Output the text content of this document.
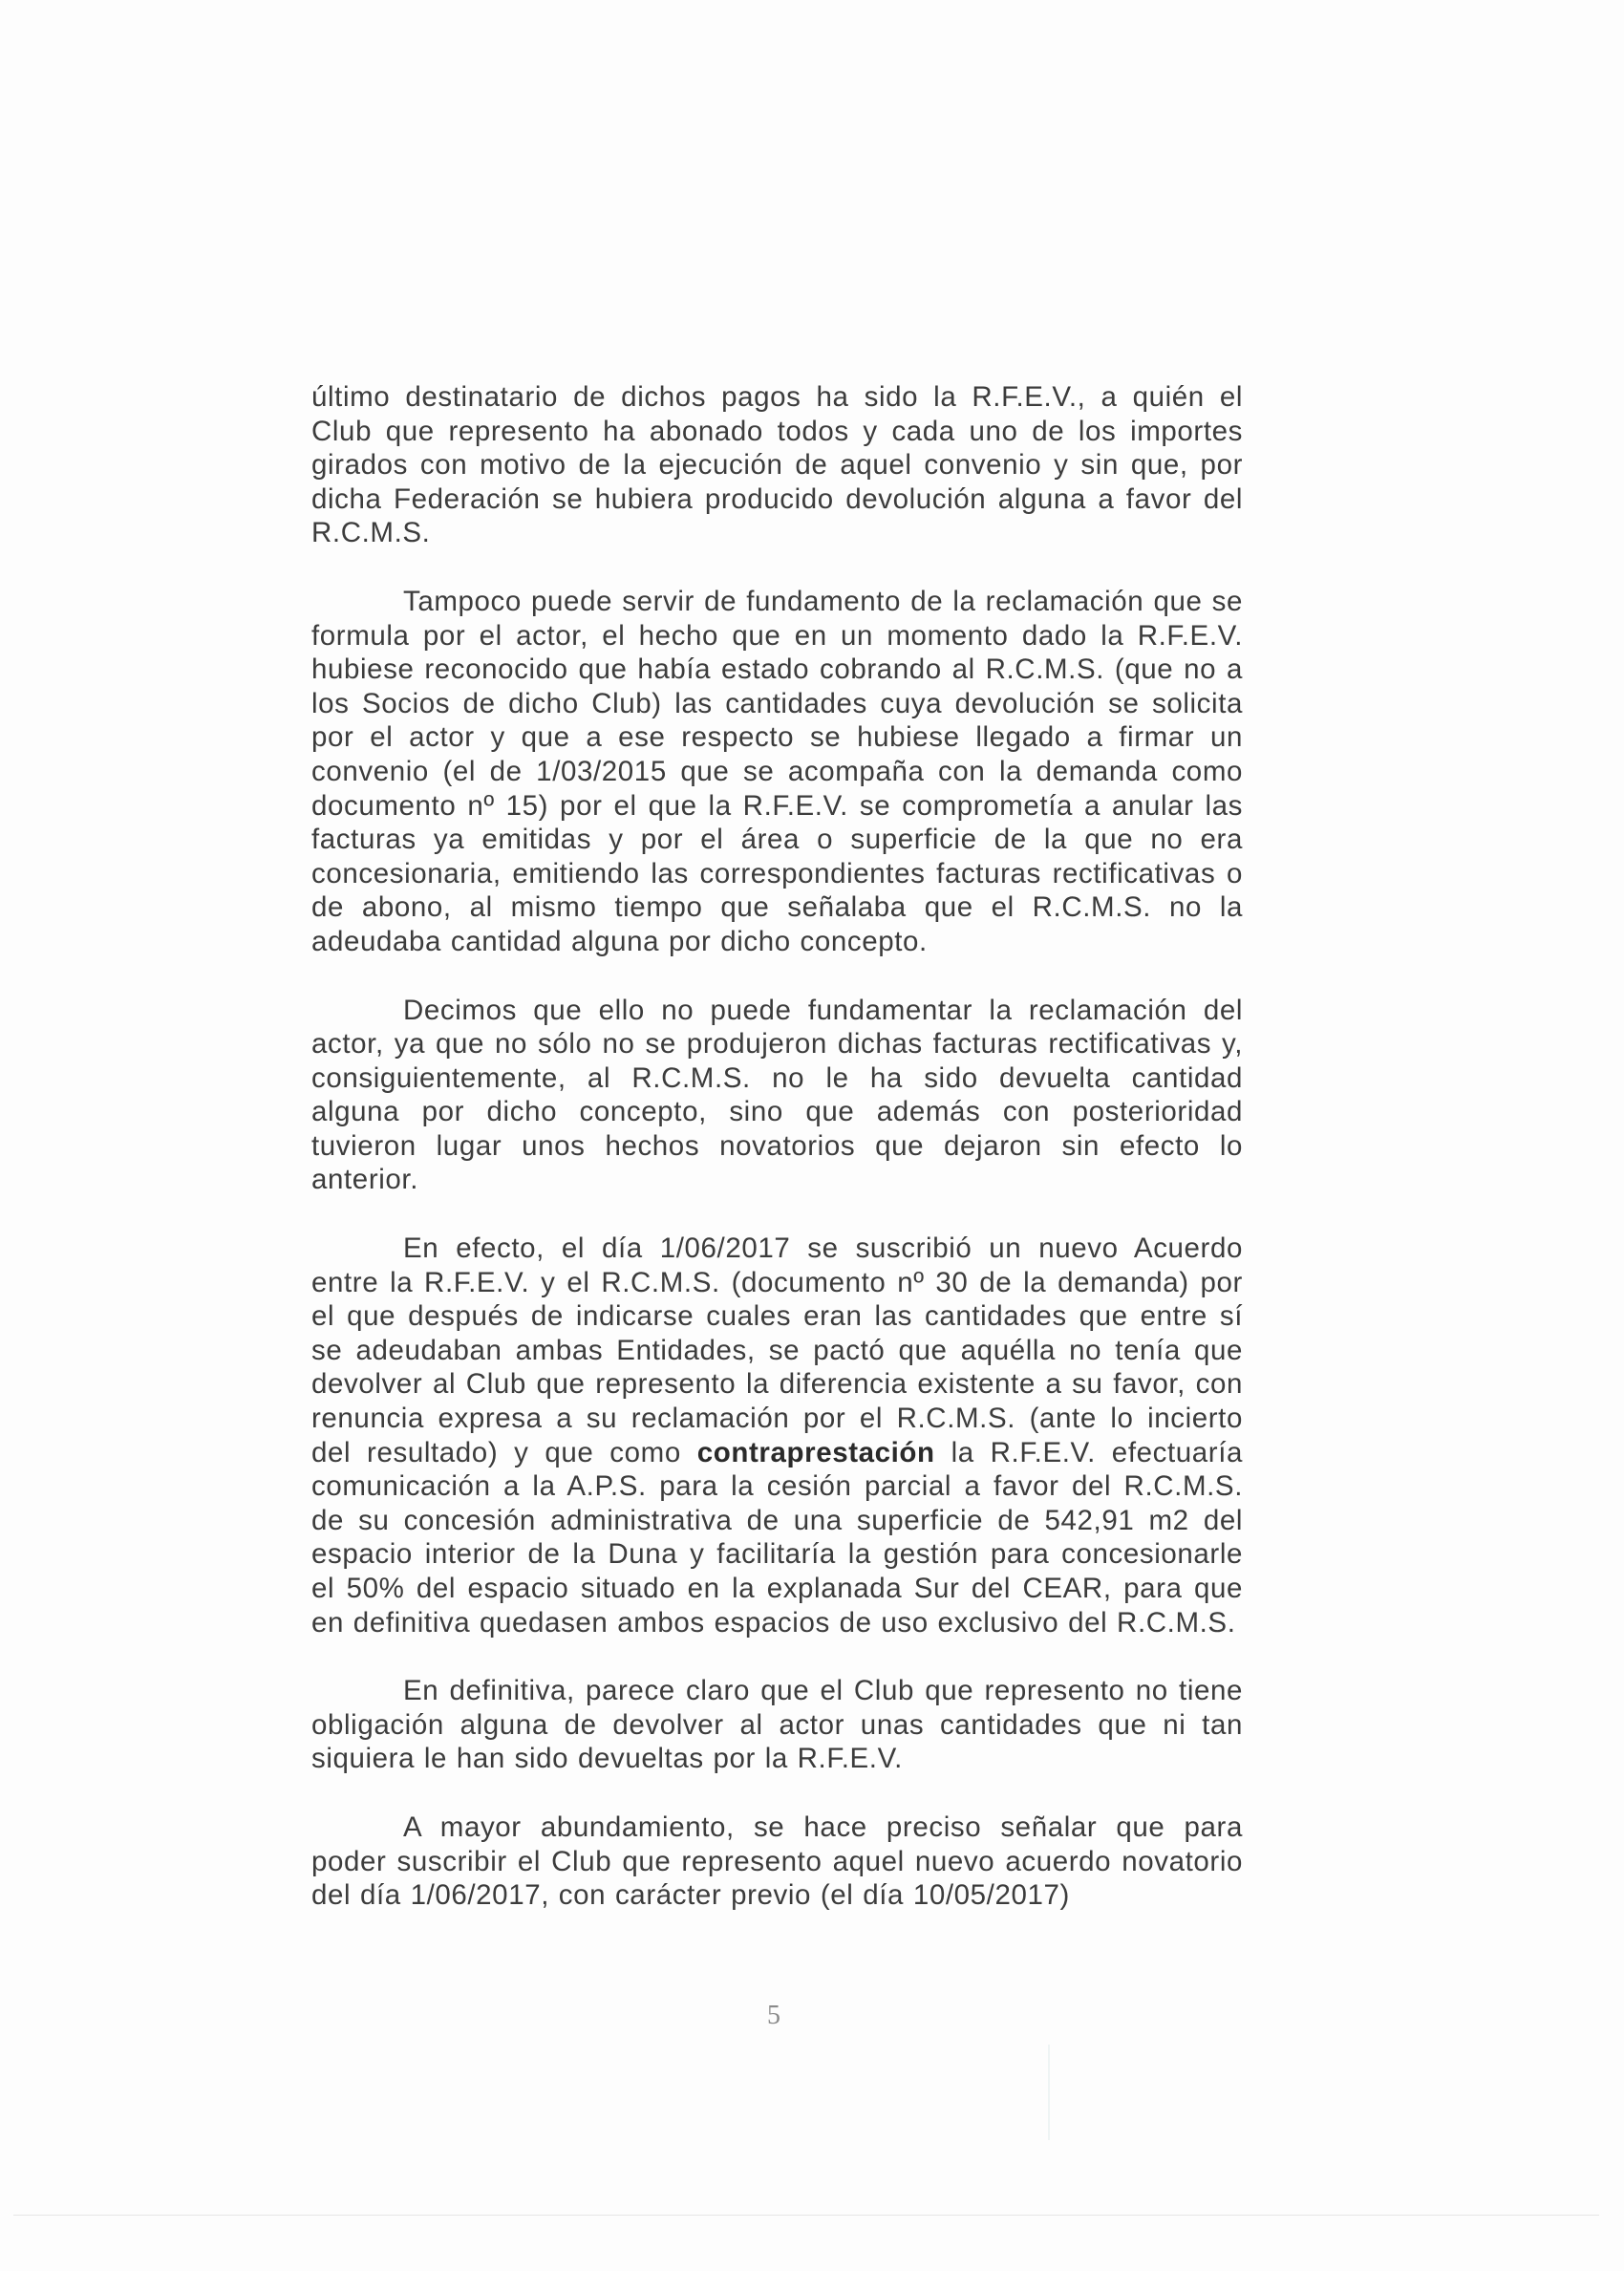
último destinatario de dichos pagos ha sido la R.F.E.V., a quién el Club que represento ha abonado todos y cada uno de los importes girados con motivo de la ejecución de aquel convenio y sin que, por dicha Federación se hubiera producido devolución alguna a favor del R.C.M.S.

Tampoco puede servir de fundamento de la reclamación que se formula por el actor, el hecho que en un momento dado la R.F.E.V. hubiese reconocido que había estado cobrando al R.C.M.S. (que no a los Socios de dicho Club) las cantidades cuya devolución se solicita por el actor y que a ese respecto se hubiese llegado a firmar un convenio (el de 1/03/2015 que se acompaña con la demanda como documento nº 15) por el que la R.F.E.V. se comprometía a anular las facturas ya emitidas y por el área o superficie de la que no era concesionaria, emitiendo las correspondientes facturas rectificativas o de abono, al mismo tiempo que señalaba que el R.C.M.S. no la adeudaba cantidad alguna por dicho concepto.

Decimos que ello no puede fundamentar la reclamación del actor, ya que no sólo no se produjeron dichas facturas rectificativas y, consiguientemente, al R.C.M.S. no le ha sido devuelta cantidad alguna por dicho concepto, sino que además con posterioridad tuvieron lugar unos hechos novatorios que dejaron sin efecto lo anterior.

En efecto, el día 1/06/2017 se suscribió un nuevo Acuerdo entre la R.F.E.V. y el R.C.M.S. (documento nº 30 de la demanda) por el que después de indicarse cuales eran las cantidades que entre sí se adeudaban ambas Entidades, se pactó que aquélla no tenía que devolver al Club que represento la diferencia existente a su favor, con renuncia expresa a su reclamación por el R.C.M.S. (ante lo incierto del resultado) y que como contraprestación la R.F.E.V. efectuaría comunicación a la A.P.S. para la cesión parcial a favor del R.C.M.S. de su concesión administrativa de una superficie de 542,91 m2 del espacio interior de la Duna y facilitaría la gestión para concesionarle el 50% del espacio situado en la explanada Sur del CEAR, para que en definitiva quedasen ambos espacios de uso exclusivo del R.C.M.S.

En definitiva, parece claro que el Club que represento no tiene obligación alguna de devolver al actor unas cantidades que ni tan siquiera le han sido devueltas por la R.F.E.V.

A mayor abundamiento, se hace preciso señalar que para poder suscribir el Club que represento aquel nuevo acuerdo novatorio del día 1/06/2017, con carácter previo (el día 10/05/2017)

5
